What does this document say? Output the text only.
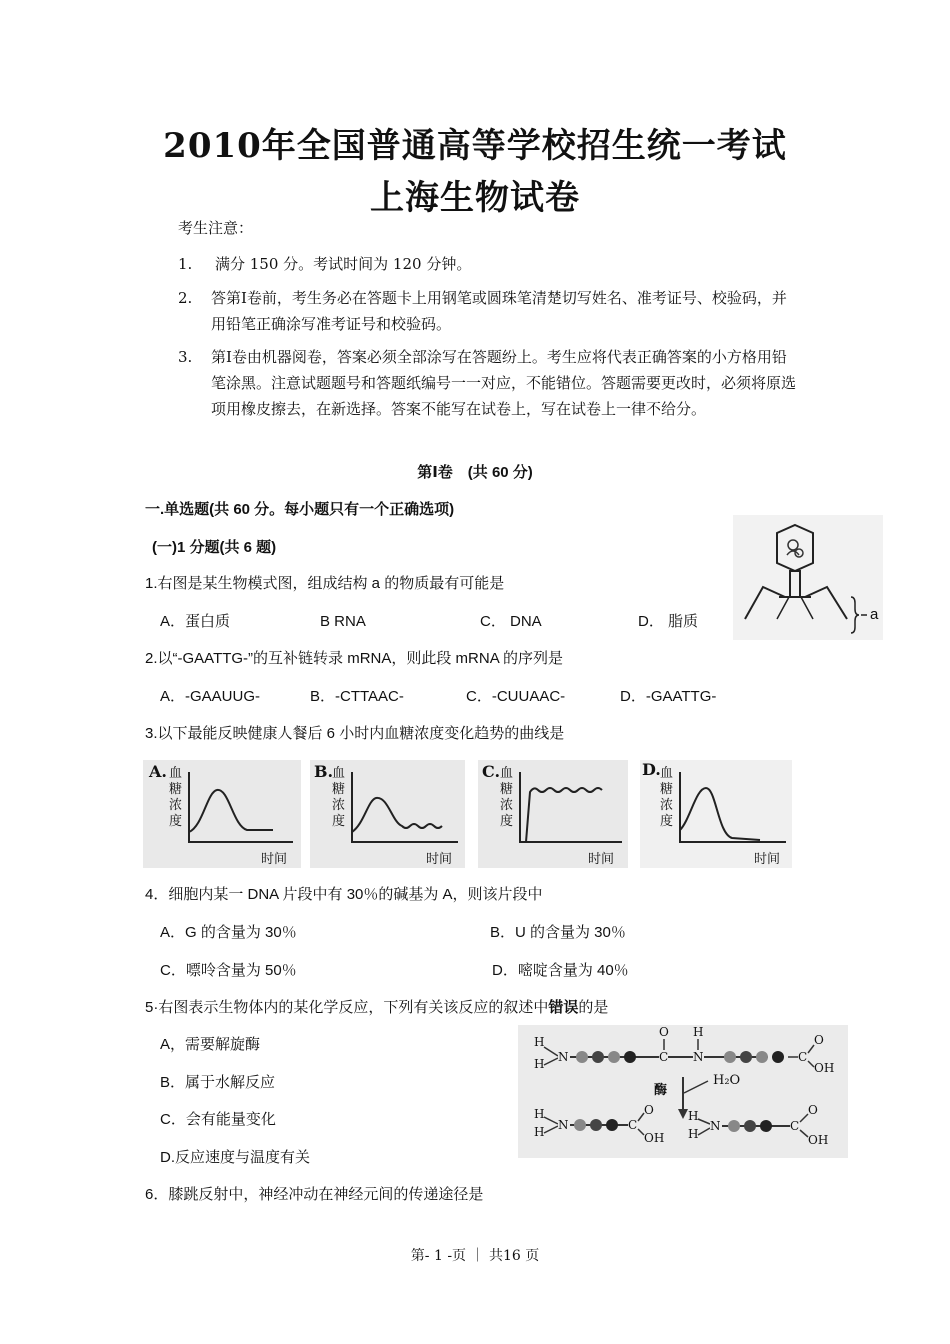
2010年全国普通高等学校招生统一考试
上海生物试卷
考生注意：
1. 满分 150 分。考试时间为 120 分钟。
2. 答第Ⅰ卷前，考生务必在答题卡上用钢笔或圆珠笔清楚切写姓名、准考证号、校验码，并用铅笔正确涂写准考证号和校验码。
3. 第Ⅰ卷由机器阅卷，答案必须全部涂写在答题纷上。考生应将代表正确答案的小方格用铅笔涂黑。注意试题题号和答题纸编号一一对应，不能错位。答题需要更改时，必须将原选项用橡皮擦去，在新选择。答案不能写在试卷上，写在试卷上一律不给分。
第Ⅰ卷　(共 60 分)
一.单选题(共 60 分。每小题只有一个正确选项)
(一)1 分题(共 6 题)
1.右图是某生物模式图，组成结构 a 的物质最有可能是
A．蛋白质	B RNA	C． DNA	D． 脂质	a
2.以“-GAATTG-”的互补链转录 mRNA，则此段 mRNA 的序列是
A．-GAAUUG-	B．-CTTAAC-	C．-CUUAAC-	D．-GAATTG-
3.以下最能反映健康人餐后 6 小时内血糖浓度变化趋势的曲线是
A. 血
糖
浓
度
时间
B.
血
糖
浓
度
时间
C. 血
糖
浓
度
时间
D. 血
糖
浓
度
时间
4．细胞内某一 DNA 片段中有 30％的碱基为 A，则该片段中
A．G 的含量为 30％	B．U 的含量为 30％
C．嘌呤含量为 50％	D．嘧啶含量为 40％
5·右图表示生物体内的某化学反应，下列有关该反应的叙述中错误的是
A，需要解旋酶
B．属于水解反应
C．会有能量变化
D.反应速度与温度有关
H
H N
O
C
H
N	C
O
OH
酶
H₂O
H
H N	C
O
OH
H
H
N	C
O
OH
6．膝跳反射中，神经冲动在神经元间的传递途径是
第- 1 -页 ｜ 共16 页
